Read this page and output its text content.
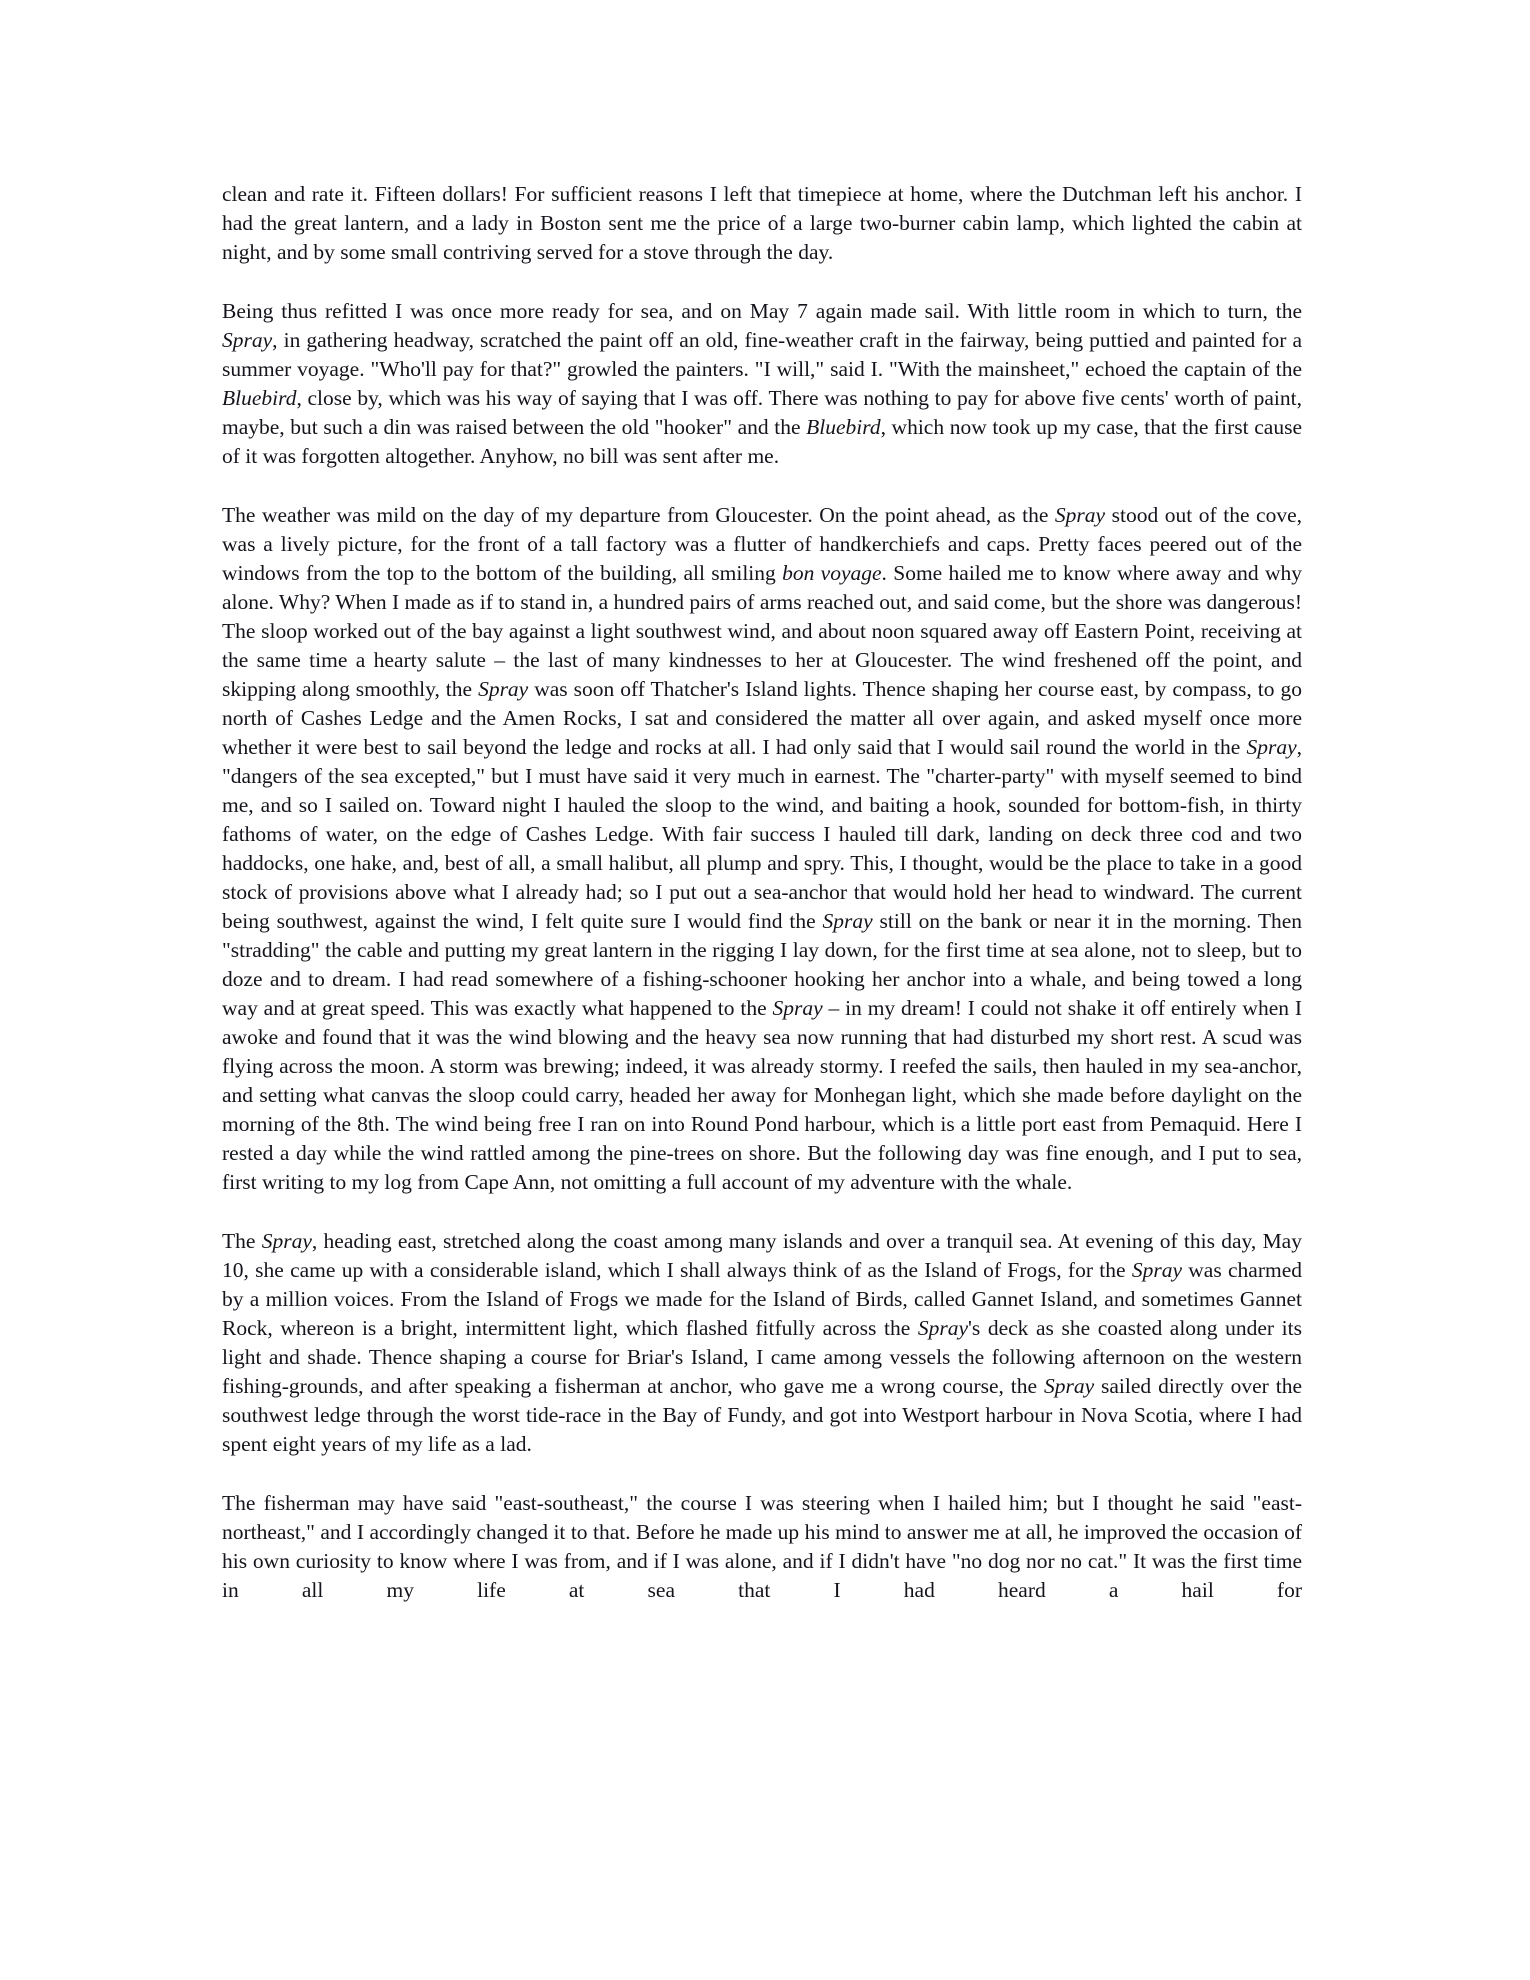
clean and rate it. Fifteen dollars! For sufficient reasons I left that timepiece at home, where the Dutchman left his anchor. I had the great lantern, and a lady in Boston sent me the price of a large two-burner cabin lamp, which lighted the cabin at night, and by some small contriving served for a stove through the day.

Being thus refitted I was once more ready for sea, and on May 7 again made sail. With little room in which to turn, the Spray, in gathering headway, scratched the paint off an old, fine-weather craft in the fairway, being puttied and painted for a summer voyage. "Who'll pay for that?" growled the painters. "I will," said I. "With the mainsheet," echoed the captain of the Bluebird, close by, which was his way of saying that I was off. There was nothing to pay for above five cents' worth of paint, maybe, but such a din was raised between the old "hooker" and the Bluebird, which now took up my case, that the first cause of it was forgotten altogether. Anyhow, no bill was sent after me.

The weather was mild on the day of my departure from Gloucester. On the point ahead, as the Spray stood out of the cove, was a lively picture, for the front of a tall factory was a flutter of handkerchiefs and caps. Pretty faces peered out of the windows from the top to the bottom of the building, all smiling bon voyage. Some hailed me to know where away and why alone. Why? When I made as if to stand in, a hundred pairs of arms reached out, and said come, but the shore was dangerous! The sloop worked out of the bay against a light southwest wind, and about noon squared away off Eastern Point, receiving at the same time a hearty salute – the last of many kindnesses to her at Gloucester. The wind freshened off the point, and skipping along smoothly, the Spray was soon off Thatcher's Island lights. Thence shaping her course east, by compass, to go north of Cashes Ledge and the Amen Rocks, I sat and considered the matter all over again, and asked myself once more whether it were best to sail beyond the ledge and rocks at all. I had only said that I would sail round the world in the Spray, "dangers of the sea excepted," but I must have said it very much in earnest. The "charter-party" with myself seemed to bind me, and so I sailed on. Toward night I hauled the sloop to the wind, and baiting a hook, sounded for bottom-fish, in thirty fathoms of water, on the edge of Cashes Ledge. With fair success I hauled till dark, landing on deck three cod and two haddocks, one hake, and, best of all, a small halibut, all plump and spry. This, I thought, would be the place to take in a good stock of provisions above what I already had; so I put out a sea-anchor that would hold her head to windward. The current being southwest, against the wind, I felt quite sure I would find the Spray still on the bank or near it in the morning. Then "stradding" the cable and putting my great lantern in the rigging I lay down, for the first time at sea alone, not to sleep, but to doze and to dream. I had read somewhere of a fishing-schooner hooking her anchor into a whale, and being towed a long way and at great speed. This was exactly what happened to the Spray – in my dream! I could not shake it off entirely when I awoke and found that it was the wind blowing and the heavy sea now running that had disturbed my short rest. A scud was flying across the moon. A storm was brewing; indeed, it was already stormy. I reefed the sails, then hauled in my sea-anchor, and setting what canvas the sloop could carry, headed her away for Monhegan light, which she made before daylight on the morning of the 8th. The wind being free I ran on into Round Pond harbour, which is a little port east from Pemaquid. Here I rested a day while the wind rattled among the pine-trees on shore. But the following day was fine enough, and I put to sea, first writing to my log from Cape Ann, not omitting a full account of my adventure with the whale.

The Spray, heading east, stretched along the coast among many islands and over a tranquil sea. At evening of this day, May 10, she came up with a considerable island, which I shall always think of as the Island of Frogs, for the Spray was charmed by a million voices. From the Island of Frogs we made for the Island of Birds, called Gannet Island, and sometimes Gannet Rock, whereon is a bright, intermittent light, which flashed fitfully across the Spray's deck as she coasted along under its light and shade. Thence shaping a course for Briar's Island, I came among vessels the following afternoon on the western fishing-grounds, and after speaking a fisherman at anchor, who gave me a wrong course, the Spray sailed directly over the southwest ledge through the worst tide-race in the Bay of Fundy, and got into Westport harbour in Nova Scotia, where I had spent eight years of my life as a lad.

The fisherman may have said "east-southeast," the course I was steering when I hailed him; but I thought he said "east-northeast," and I accordingly changed it to that. Before he made up his mind to answer me at all, he improved the occasion of his own curiosity to know where I was from, and if I was alone, and if I didn't have "no dog nor no cat." It was the first time in all my life at sea that I had heard a hail for
